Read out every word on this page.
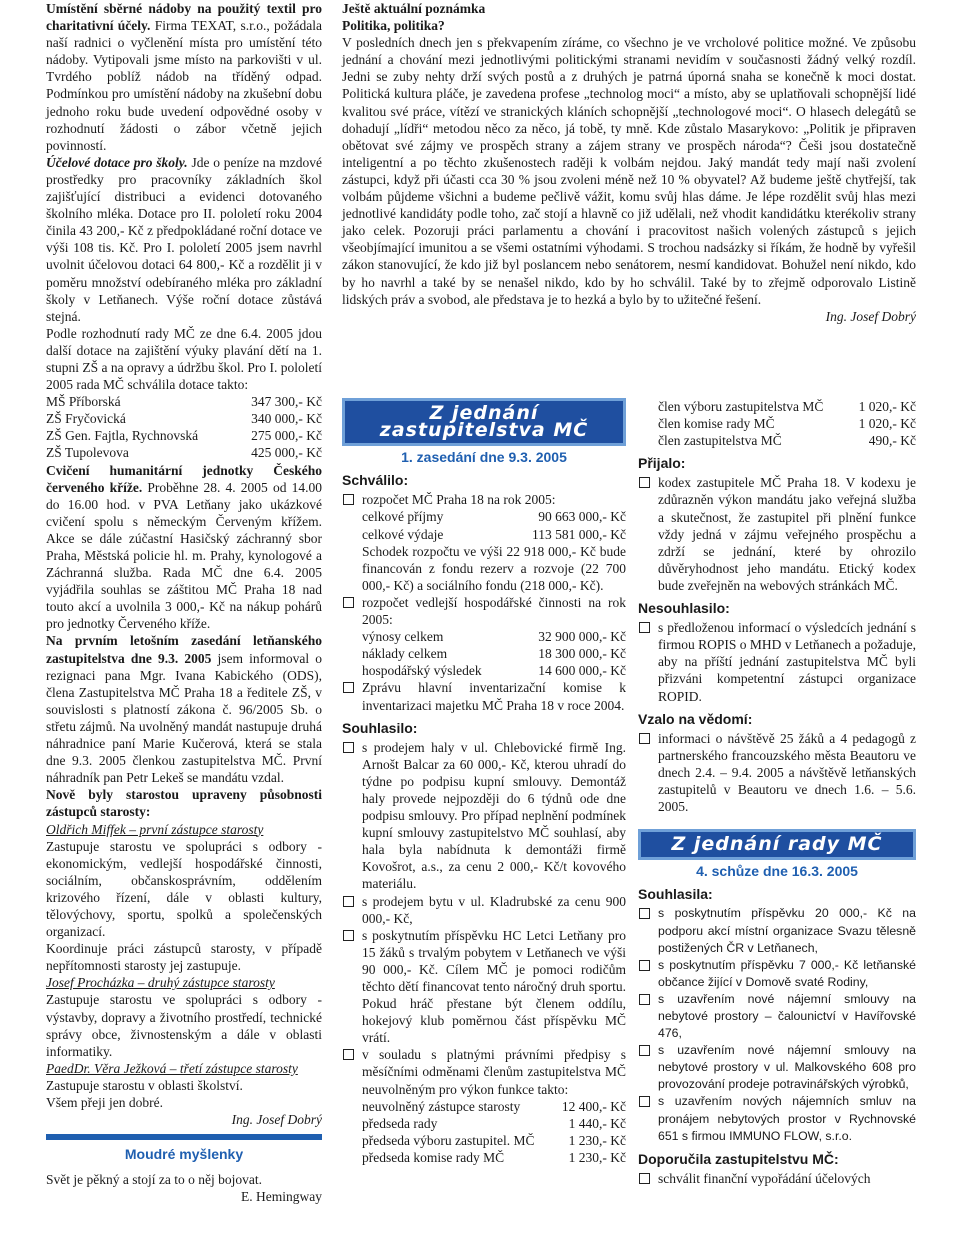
Umístění sběrné nádoby na použitý textil pro charitativní účely. Firma TEXAT, s.r.o., požádala naší radnici o vyčlenění místa pro umístění této nádoby. Vytipovali jsme místo na parkovišti v ul. Tvrdého poblíž nádob na tříděný odpad. Podmínkou pro umístění nádoby na zkušební dobu jednoho roku bude uvedení odpovědné osoby v rozhodnutí žádosti o zábor včetně jejich povinností.

Účelové dotace pro školy. Jde o peníze na mzdové prostředky pro pracovníky základních škol zajišťující distribuci a evidenci dotovaného školního mléka. Dotace pro II. pololetí roku 2004 činila 43 200,- Kč z předpokládané roční dotace ve výši 108 tis. Kč. Pro I. pololetí 2005 jsem navrhl uvolnit účelovou dotaci 64 800,- Kč a rozdělit ji v poměru množství odebíraného mléka pro základní školy v Letňanech. Výše roční dotace zůstává stejná.

Podle rozhodnutí rady MČ ze dne 6.4. 2005 jdou další dotace na zajištění výuky plavání dětí na 1. stupni ZŠ a na opravy a údržbu škol. Pro I. pololetí 2005 rada MČ schválila dotace takto:

MŠ Příborská	347 300,- Kč
ZŠ Fryčovická	340 000,- Kč
ZŠ Gen. Fajtla, Rychnovská	275 000,- Kč
ZŠ Tupolevova	425 000,- Kč

Cvičení humanitární jednotky Českého červeného kříže. Proběhne 28. 4. 2005 od 14.00 do 16.00 hod. v PVA Letňany jako ukázkové cvičení spolu s německým Červeným křížem. Akce se dále zúčastní Hasičský záchranný sbor Praha, Městská policie hl. m. Prahy, kynologové a Záchranná služba. Rada MČ dne 6.4. 2005 vyjádřila souhlas se záštitou MČ Praha 18 nad touto akcí a uvolnila 3 000,- Kč na nákup pohárů pro jednotky Červeného kříže.

Na prvním letošním zasedání letňanského zastupitelstva dne 9.3. 2005 jsem informoval o rezignaci pana Mgr. Ivana Kabického (ODS), člena Zastupitelstva MČ Praha 18 a ředitele ZŠ, v souvislosti s platností zákona č. 96/2005 Sb. o střetu zájmů. Na uvolněný mandát nastupuje druhá náhradnice paní Marie Kučerová, která se stala dne 9.3. 2005 členkou zastupitelstva MČ. První náhradník pan Petr Lekeš se mandátu vzdal.

Nově byly starostou upraveny působnosti zástupců starosty:

Oldřich Miffek – první zástupce starosty

Zastupuje starostu ve spolupráci s odbory - ekonomickým, vedlejší hospodářské činnosti, sociálním, občanskosprávním, oddělením krizového řízení, dále v oblasti kultury, tělovýchovy, sportu, spolků a společenských organizací.

Koordinuje práci zástupců starosty, v případě nepřítomnosti starosty jej zastupuje.

Josef Procházka – druhý zástupce starosty

Zastupuje starostu ve spolupráci s odbory - výstavby, dopravy a životního prostředí, technické správy obce, živnostenským a dále v oblasti informatiky.

PaedDr. Věra Ježková – třetí zástupce starosty

Zastupuje starostu v oblasti školství.

Všem přeji jen dobré.

Ing. Josef Dobrý

Moudré myšlenky

Svět je pěkný a stojí za to o něj bojovat.

E. Hemingway

Ještě aktuální poznámka

Politika, politika?

V posledních dnech jen s překvapením zíráme, co všechno je ve vrcholové politice možné. Ve způsobu jednání a chování mezi jednotlivými politickými stranami nevidím v současnosti žádný velký rozdíl. Jedni se zuby nehty drží svých postů a z druhých je patrná úporná snaha se konečně k moci dostat. Politická kultura pláče, je zavedena profese „technolog moci“ a místo, aby se uplatňovali schopnější lidé kvalitou své práce, vítězí ve stranických kláních schopnější „technologové moci“. O hlasech delegátů se dohadují „lídři“ metodou něco za něco, já tobě, ty mně. Kde zůstalo Masarykovo: „Politik je připraven obětovat své zájmy ve prospěch strany a zájem strany ve prospěch národa“? Češi jsou dostatečně inteligentní a po těchto zkušenostech raději k volbám nejdou. Jaký mandát tedy mají naši zvolení zástupci, když při účasti cca 30 % jsou zvoleni méně než 10 % obyvatel? Až budeme ještě chytřejší, tak volbám půjdeme všichni a budeme pečlivě vážit, komu svůj hlas dáme. Je lépe rozdělit svůj hlas mezi jednotlivé kandidáty podle toho, zač stojí a hlavně co již udělali, než vhodit kandidátku kterékoliv strany jako celek. Pozoruji práci parlamentu a chování i pracovitost našich volených zástupců s jejich všeobjímající imunitou a se všemi ostatními výhodami. S trochou nadsázky si říkám, že hodně by vyřešil zákon stanovující, že kdo již byl poslancem nebo senátorem, nesmí kandidovat. Bohužel není nikdo, kdo by ho navrhl a také by se nenašel nikdo, kdo by ho schválil. Také by to zřejmě odporovalo Listině lidských práv a svobod, ale představa je to hezká a bylo by to užitečné řešení.

Ing. Josef Dobrý

Z jednání zastupitelstva MČ

1. zasedání dne 9.3. 2005

Schválilo:

rozpočet MČ Praha 18 na rok 2005:
celkové příjmy	90 663 000,- Kč
celkové výdaje	113 581 000,- Kč

Schodek rozpočtu ve výši 22 918 000,- Kč bude financován z fondu rezerv a rozvoje (22 700 000,- Kč) a sociálního fondu (218 000,- Kč).

rozpočet vedlejší hospodářské činnosti na rok 2005:
výnosy celkem	32 900 000,- Kč
náklady celkem	18 300 000,- Kč
hospodářský výsledek	14 600 000,- Kč
Zprávu hlavní inventarizační komise k inventarizaci majetku MČ Praha 18 v roce 2004.

Souhlasilo:

s prodejem haly v ul. Chlebovické firmě Ing. Arnošt Balcar za 60 000,- Kč, kterou uhradí do týdne po podpisu kupní smlouvy. Demontáž haly provede nejpozději do 6 týdnů ode dne podpisu smlouvy. Pro případ neplnění podmínek kupní smlouvy zastupitelstvo MČ souhlasí, aby hala byla nabídnuta k demontáži firmě Kovošrot, a.s., za cenu 2 000,- Kč/t kovového materiálu.
s prodejem bytu v ul. Kladrubské za cenu 900 000,- Kč,
s poskytnutím příspěvku HC Letci Letňany pro 15 žáků s trvalým pobytem v Letňanech ve výši 90 000,- Kč. Cílem MČ je pomoci rodičům těchto dětí financovat tento náročný druh sportu. Pokud hráč přestane být členem oddílu, hokejový klub poměrnou část příspěvku MČ vrátí.
v souladu s platnými právními předpisy s měsíčními odměnami členům zastupitelstva MČ neuvolněným pro výkon funkce takto:
neuvolněný zástupce starosty	12 400,- Kč
předseda rady	1 440,- Kč
předseda výboru zastupitel. MČ	1 230,- Kč
předseda komise rady MČ	1 230,- Kč
člen výboru zastupitelstva MČ	1 020,- Kč
člen komise rady MČ	1 020,- Kč
člen zastupitelstva MČ	490,- Kč

Přijalo:

kodex zastupitele MČ Praha 18. V kodexu je zdůrazněn výkon mandátu jako veřejná služba a skutečnost, že zastupitel při plnění funkce vždy jedná v zájmu veřejného prospěchu a zdrží se jednání, které by ohrozilo důvěryhodnost jeho mandátu. Etický kodex bude zveřejněn na webových stránkách MČ.

Nesouhlasilo:

s předloženou informací o výsledcích jednání s firmou ROPIS o MHD v Letňanech a požaduje, aby na příští jednání zastupitelstva MČ byli přizváni kompetentní zástupci organizace ROPID.

Vzalo na vědomí:

informaci o návštěvě 25 žáků a 4 pedagogů z partnerského francouzského města Beautoru ve dnech 2.4. – 9.4. 2005 a návštěvě letňanských zastupitelů v Beautoru ve dnech 1.6. – 5.6. 2005.
Z jednání rady MČ

4. schůze dne 16.3. 2005

Souhlasila:

s poskytnutím příspěvku 20 000,- Kč na podporu akcí místní organizace Svazu tělesně postižených ČR v Letňanech,
s poskytnutím příspěvku 7 000,- Kč letňanské občance žijící v Domově svaté Rodiny,
s uzavřením nové nájemní smlouvy na nebytové prostory – čalounictví v Havířovské 476,
s uzavřením nové nájemní smlouvy na nebytové prostory v ul. Malkovského 608 pro provozování prodeje potravinářských výrobků,
s uzavřením nových nájemních smluv na pronájem nebytových prostor v Rychnovské 651 s firmou IMMUNO FLOW, s.r.o.

Doporučila zastupitelstvu MČ:

schválit finanční vypořádání účelových
